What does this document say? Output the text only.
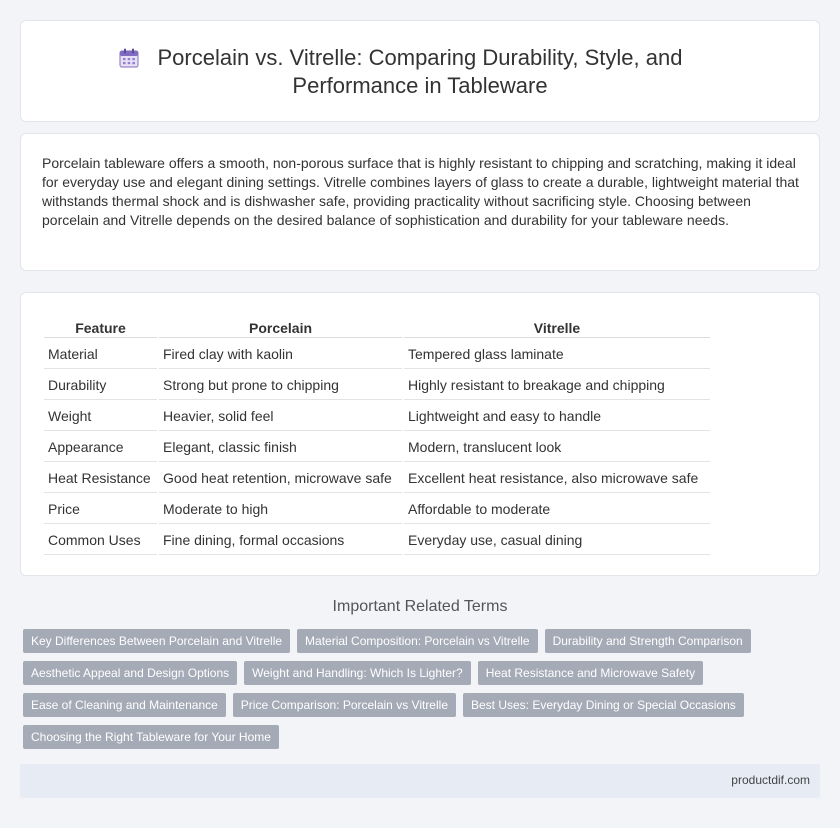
Porcelain vs. Vitrelle: Comparing Durability, Style, and Performance in Tableware

Porcelain tableware offers a smooth, non-porous surface that is highly resistant to chipping and scratching, making it ideal for everyday use and elegant dining settings. Vitrelle combines layers of glass to create a durable, lightweight material that withstands thermal shock and is dishwasher safe, providing practicality without sacrificing style. Choosing between porcelain and Vitrelle depends on the desired balance of sophistication and durability for your tableware needs.

Feature	Porcelain	Vitrelle
Material	Fired clay with kaolin	Tempered glass laminate
Durability	Strong but prone to chipping	Highly resistant to breakage and chipping
Weight	Heavier, solid feel	Lightweight and easy to handle
Appearance	Elegant, classic finish	Modern, translucent look
Heat Resistance	Good heat retention, microwave safe	Excellent heat resistance, also microwave safe
Price	Moderate to high	Affordable to moderate
Common Uses	Fine dining, formal occasions	Everyday use, casual dining
Important Related Terms
Key Differences Between Porcelain and Vitrelle	Material Composition: Porcelain vs Vitrelle	Durability and Strength Comparison
Aesthetic Appeal and Design Options	Weight and Handling: Which Is Lighter?	Heat Resistance and Microwave Safety
Ease of Cleaning and Maintenance	Price Comparison: Porcelain vs Vitrelle	Best Uses: Everyday Dining or Special Occasions
Choosing the Right Tableware for Your Home
productdif.com
